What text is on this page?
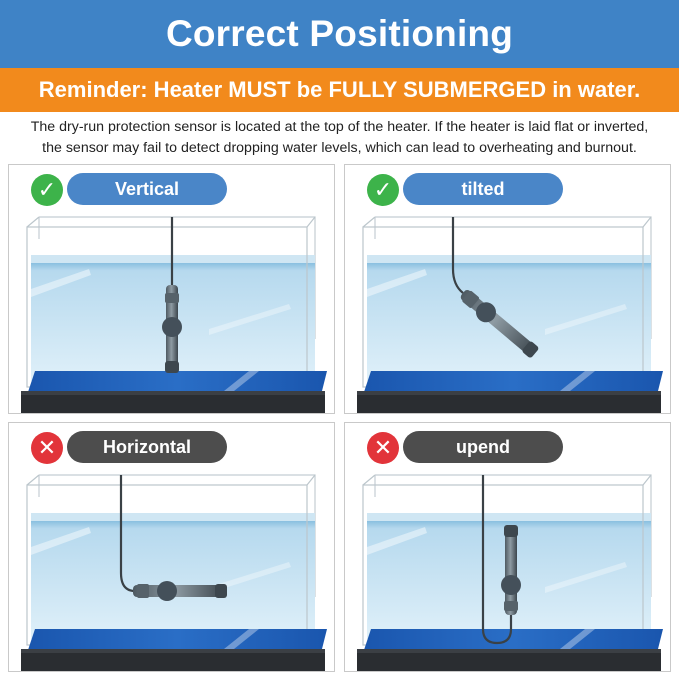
Correct Positioning
Reminder: Heater MUST be FULLY SUBMERGED in water.
The dry-run protection sensor is located at the top of the heater. If the heater is laid flat or inverted,
the sensor may fail to detect dropping water levels, which can lead to overheating and burnout.
✓	Vertical	✓	tilted
✕	Horizontal	✕	upend
